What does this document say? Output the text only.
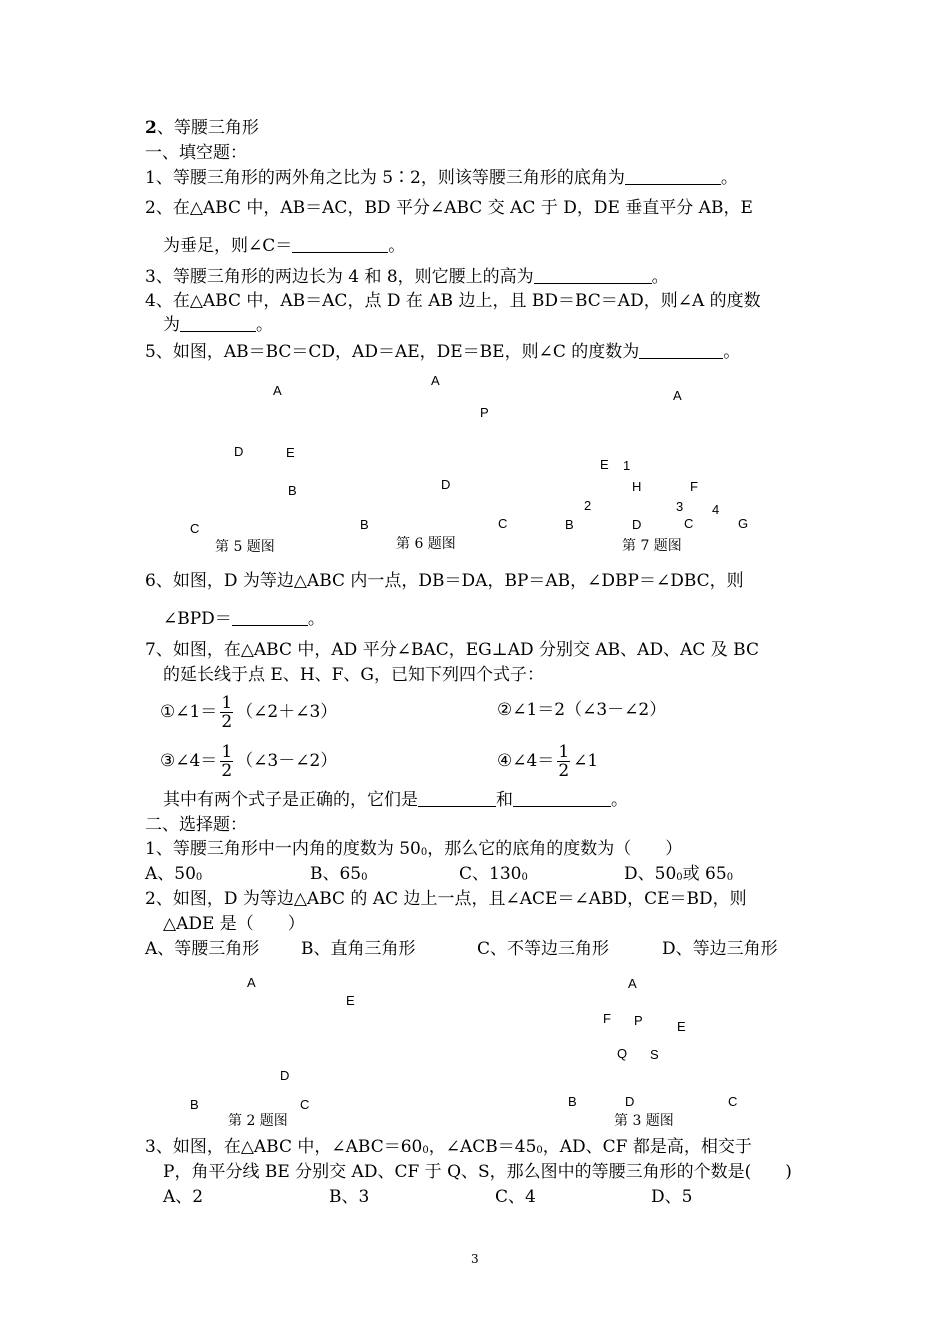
2、等腰三角形
一、填空题：
1、等腰三角形的两外角之比为 5∶2，则该等腰三角形的底角为	。
2、在△ABC 中，AB＝AC，BD 平分∠ABC 交 AC 于 D，DE 垂直平分 AB，E
为垂足，则∠C＝	。
3、等腰三角形的两边长为 4 和 8，则它腰上的高为	。
4、在△ABC 中，AB＝AC，点 D 在 AB 边上，且 BD＝BC＝AD，则∠A 的度数
为	。
5、如图，AB＝BC＝CD，AD＝AE，DE＝BE，则∠C 的度数为	。
A
D	E
B
C
第 5 题图
A
P
D
B	C
第 6 题图
A
E 1
H	F
2	3 4
B	D	C	G
第 7 题图
6、如图，D 为等边△ABC 内一点，DB＝DA，BP＝AB，∠DBP＝∠DBC，则
∠BPD＝	。
7、如图，在△ABC 中，AD 平分∠BAC，EG⊥AD 分别交 AB、AD、AC 及 BC
的延长线于点 E、H、F、G，已知下列四个式子：
①∠1＝ $\frac{1}{2}$ （∠2＋∠3）	②∠1＝2（∠3－∠2）
③∠4＝ $\frac{1}{2}$ （∠3－∠2）	④∠4＝ $\frac{1}{2}$ ∠1
其中有两个式子是正确的，它们是	和	。
二、选择题：
1、等腰三角形中一内角的度数为 $50^0$，那么它的底角的度数为（　　）
A、$50^0$	B、$65^0$	C、$130^0$	D、$50^0$或 $65^0$
2、如图，D 为等边△ABC 的 AC 边上一点，且∠ACE＝∠ABD，CE＝BD，则
△ADE 是（　　）
A、等腰三角形 B、直角三角形	C、不等边三角形	D、等边三角形
A
E
D
B	C
第 2 题图
A
F P	E
Q S
B	D	C
第 3 题图
3、如图，在△ABC 中，$\angle ABC=60^0$，$\angle ACB=45^0$，AD、CF 都是高，相交于
P，角平分线 BE 分别交 AD、CF 于 Q、S，那么图中的等腰三角形的个数是(　　)
A、2	B、3	C、4	D、5
3
